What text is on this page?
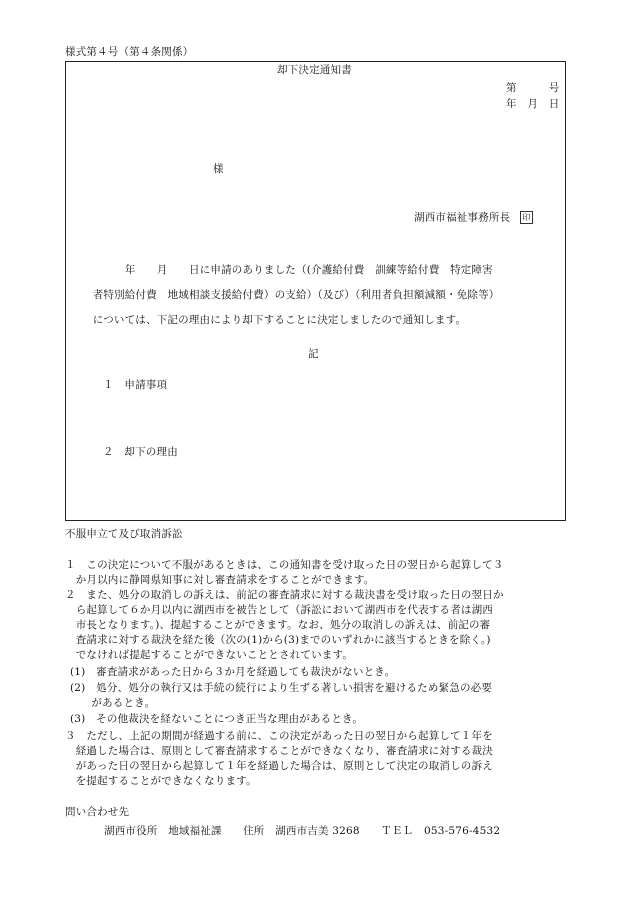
様式第４号（第４条関係）
却下決定通知書
第　　　号
年　月　日
様
湖西市福祉事務所長 印
　　　　年　　月　　日に申請のありました（(介護給付費　訓練等給付費　特定障害
　者特別給付費　地域相談支援給付費）の支給）（及び）（利用者負担額減額・免除等）
　については、下記の理由により却下することに決定しましたので通知します。
記
１　申請事項
２　却下の理由
不服申立て及び取消訴訟
１　この決定について不服があるときは、この通知書を受け取った日の翌日から起算して３
　か月以内に静岡県知事に対し審査請求をすることができます。
２　また、処分の取消しの訴えは、前記の審査請求に対する裁決書を受け取った日の翌日か
　ら起算して６か月以内に湖西市を被告として（訴訟において湖西市を代表する者は湖西
　市長となります。)、提起することができます。なお、処分の取消しの訴えは、前記の審
　査請求に対する裁決を経た後（次の(1)から(3)までのいずれかに該当するときを除く。)
　でなければ提起することができないこととされています。
(1)　審査請求があった日から３か月を経過しても裁決がないとき。
(2)　処分、処分の執行又は手続の続行により生ずる著しい損害を避けるため緊急の必要
　　があるとき。
(3)　その他裁決を経ないことにつき正当な理由があるとき。
３　ただし、上記の期間が経過する前に、この決定があった日の翌日から起算して１年を
　経過した場合は、原則として審査請求することができなくなり、審査請求に対する裁決
　があった日の翌日から起算して１年を経過した場合は、原則として決定の取消しの訴え
　を提起することができなくなります。
問い合わせ先
湖西市役所　地域福祉課　　住所　湖西市吉美 3268　　ＴＥＬ　053-576-4532
